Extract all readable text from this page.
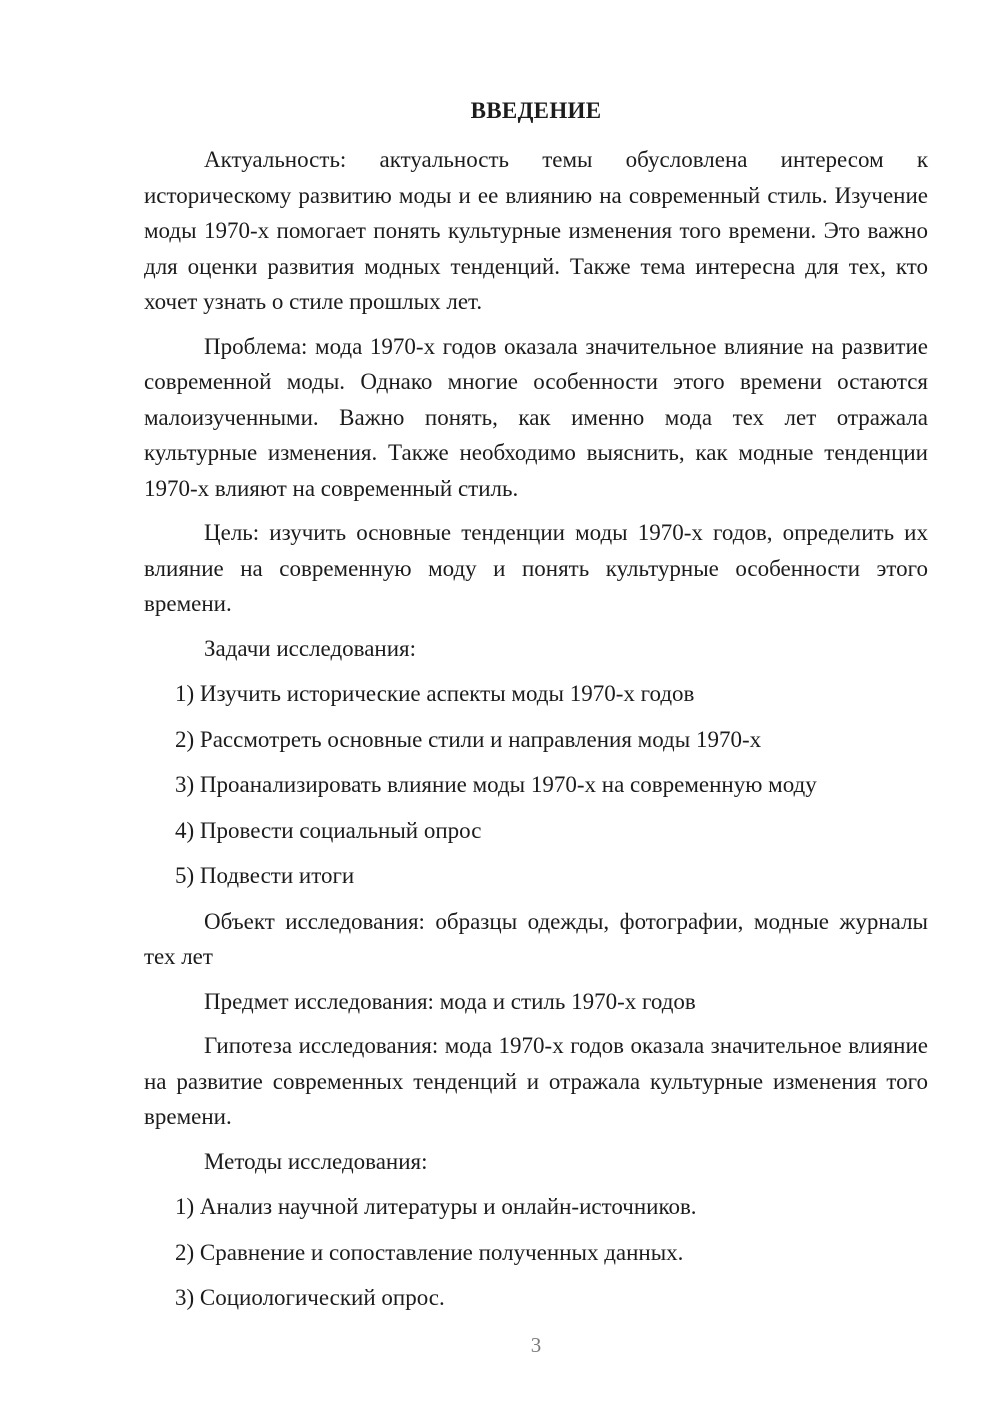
ВВЕДЕНИЕ

Актуальность: актуальность темы обусловлена интересом к историческому развитию моды и ее влиянию на современный стиль. Изучение моды 1970-х помогает понять культурные изменения того времени. Это важно для оценки развития модных тенденций. Также тема интересна для тех, кто хочет узнать о стиле прошлых лет.

Проблема: мода 1970-х годов оказала значительное влияние на развитие современной моды. Однако многие особенности этого времени остаются малоизученными. Важно понять, как именно мода тех лет отражала культурные изменения. Также необходимо выяснить, как модные тенденции 1970-х влияют на современный стиль.

Цель: изучить основные тенденции моды 1970-х годов, определить их влияние на современную моду и понять культурные особенности этого времени.

Задачи исследования:

1) Изучить исторические аспекты моды 1970-х годов

2) Рассмотреть основные стили и направления моды 1970-х

3) Проанализировать влияние моды 1970-х на современную моду

4) Провести социальный опрос

5) Подвести итоги

Объект исследования: образцы одежды, фотографии, модные журналы тех лет

Предмет исследования: мода и стиль 1970-х годов

Гипотеза исследования: мода 1970-х годов оказала значительное влияние на развитие современных тенденций и отражала культурные изменения того времени.

Методы исследования:

1) Анализ научной литературы и онлайн-источников.

2) Сравнение и сопоставление полученных данных.

3) Социологический опрос.

3
